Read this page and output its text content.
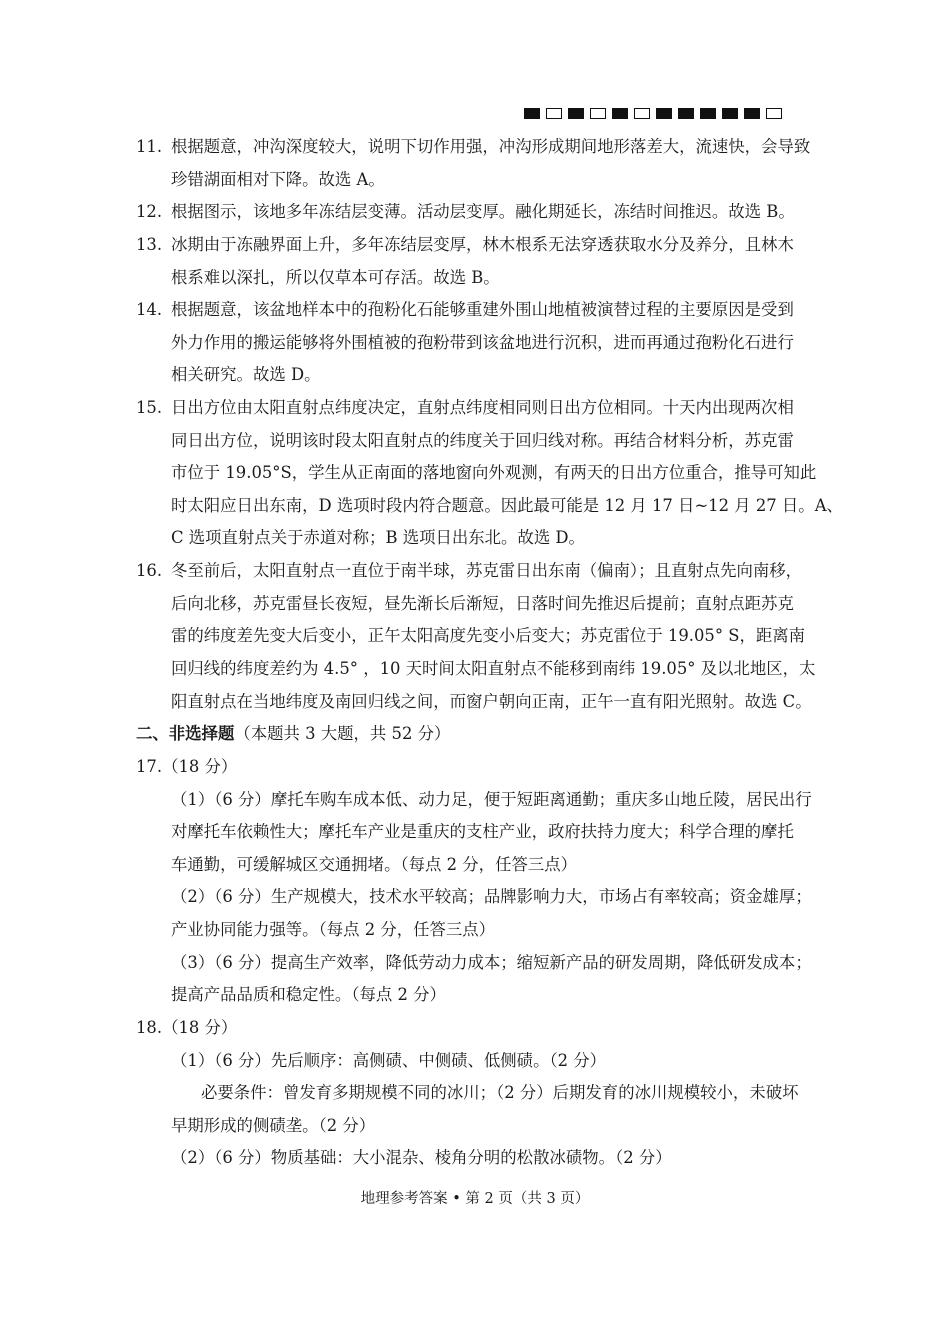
11. 根据题意，冲沟深度较大，说明下切作用强，冲沟形成期间地形落差大，流速快，会导致
珍错湖面相对下降。故选 A。
12. 根据图示，该地多年冻结层变薄。活动层变厚。融化期延长，冻结时间推迟。故选 B。
13. 冰期由于冻融界面上升，多年冻结层变厚，林木根系无法穿透获取水分及养分，且林木
根系难以深扎，所以仅草本可存活。故选 B。
14. 根据题意，该盆地样本中的孢粉化石能够重建外围山地植被演替过程的主要原因是受到
外力作用的搬运能够将外围植被的孢粉带到该盆地进行沉积，进而再通过孢粉化石进行
相关研究。故选 D。
15. 日出方位由太阳直射点纬度决定，直射点纬度相同则日出方位相同。十天内出现两次相
同日出方位，说明该时段太阳直射点的纬度关于回归线对称。再结合材料分析，苏克雷
市位于 19.05°S，学生从正南面的落地窗向外观测，有两天的日出方位重合，推导可知此
时太阳应日出东南，D 选项时段内符合题意。因此最可能是 12 月 17 日~12 月 27 日。A、
C 选项直射点关于赤道对称；B 选项日出东北。故选 D。
16. 冬至前后，太阳直射点一直位于南半球，苏克雷日出东南（偏南）；且直射点先向南移，
后向北移，苏克雷昼长夜短，昼先渐长后渐短，日落时间先推迟后提前；直射点距苏克
雷的纬度差先变大后变小，正午太阳高度先变小后变大；苏克雷位于 19.05° S，距离南
回归线的纬度差约为 4.5° ，10 天时间太阳直射点不能移到南纬 19.05° 及以北地区，太
阳直射点在当地纬度及南回归线之间，而窗户朝向正南，正午一直有阳光照射。故选 C。
二、非选择题（本题共 3 大题，共 52 分）
17.（18 分）
（1）（6 分）摩托车购车成本低、动力足，便于短距离通勤；重庆多山地丘陵，居民出行
对摩托车依赖性大；摩托车产业是重庆的支柱产业，政府扶持力度大；科学合理的摩托
车通勤，可缓解城区交通拥堵。（每点 2 分，任答三点）
（2）（6 分）生产规模大，技术水平较高；品牌影响力大，市场占有率较高；资金雄厚；
产业协同能力强等。（每点 2 分，任答三点）
（3）（6 分）提高生产效率，降低劳动力成本；缩短新产品的研发周期，降低研发成本；
提高产品品质和稳定性。（每点 2 分）
18.（18 分）
（1）（6 分）先后顺序：高侧碛、中侧碛、低侧碛。（2 分）
必要条件：曾发育多期规模不同的冰川；（2 分）后期发育的冰川规模较小，未破坏
早期形成的侧碛垄。（2 分）
（2）（6 分）物质基础：大小混杂、棱角分明的松散冰碛物。（2 分）
地理参考答案 • 第 2 页（共 3 页）
